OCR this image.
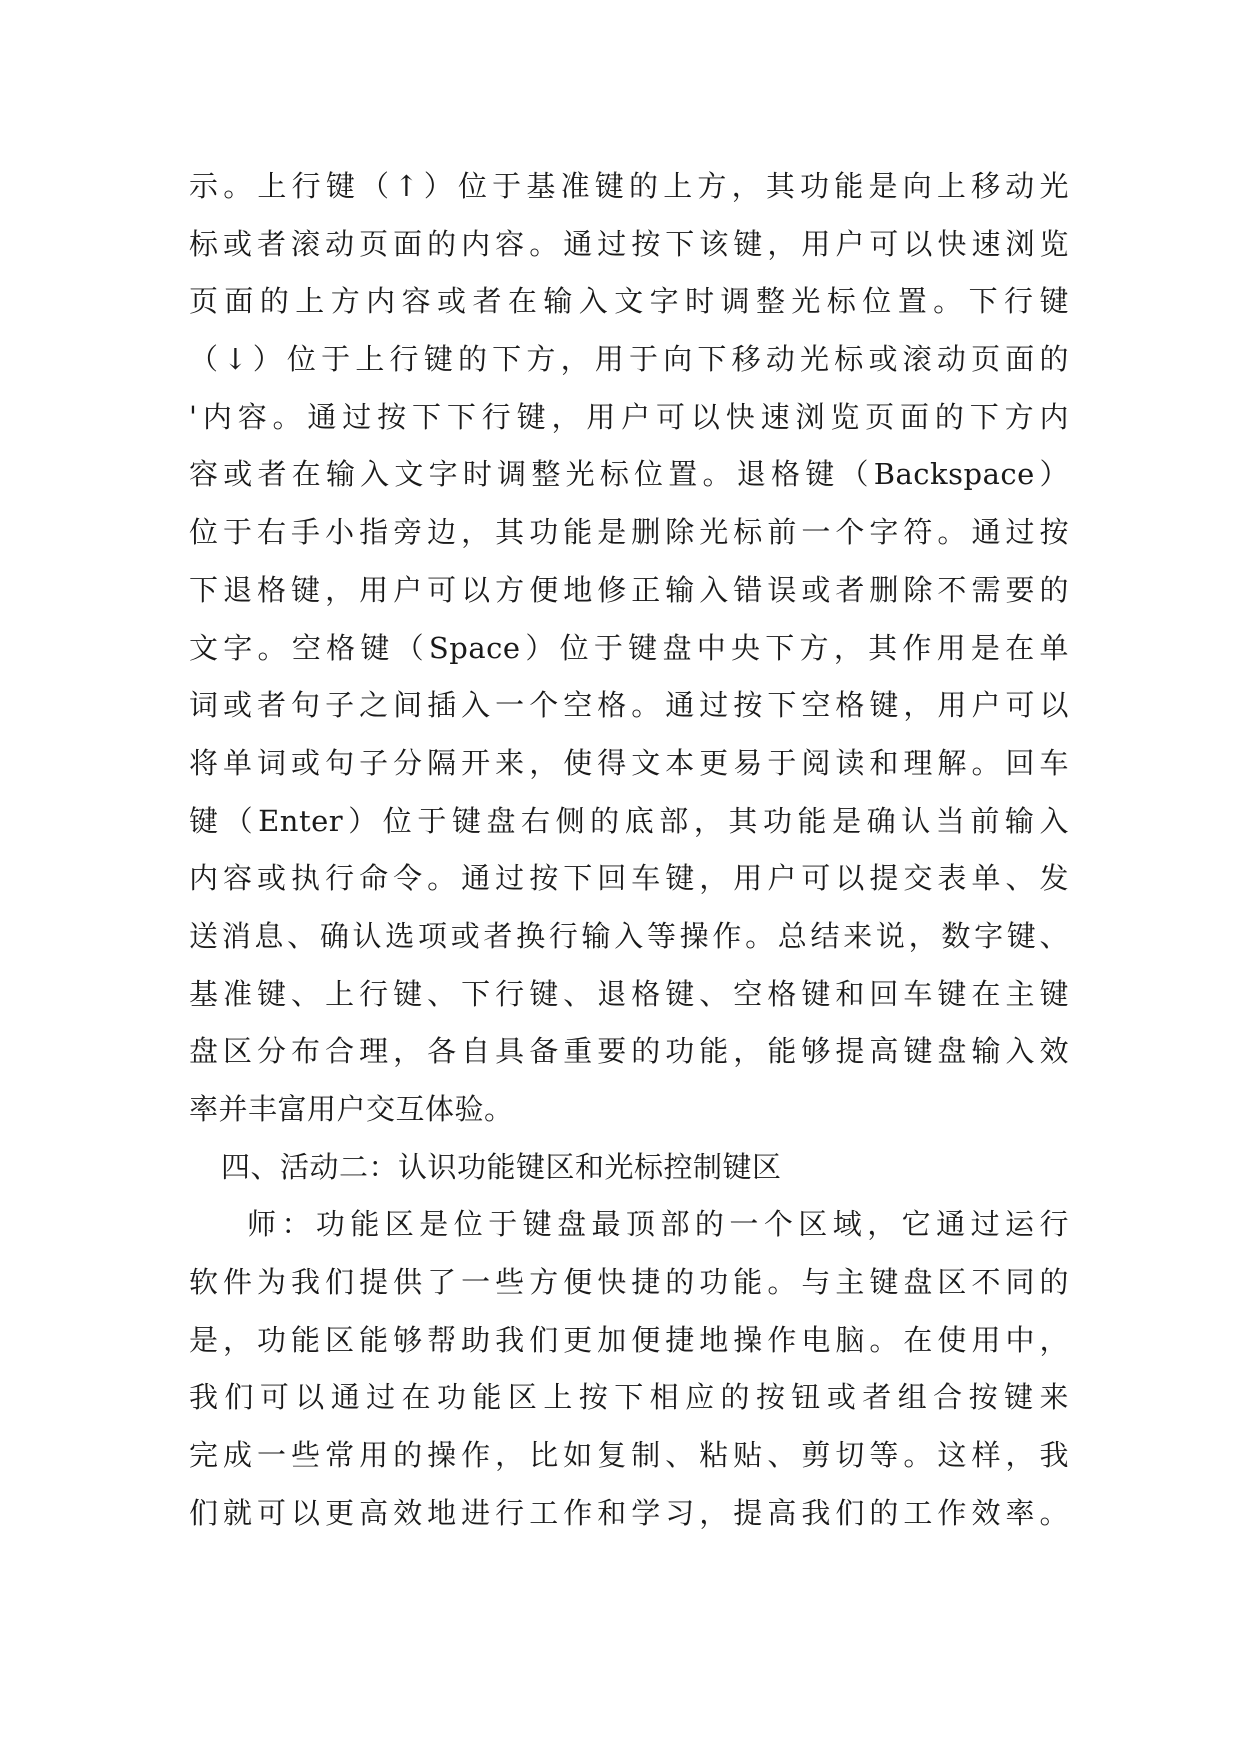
示。上行键（↑）位于基准键的上方，其功能是向上移动光
标或者滚动页面的内容。通过按下该键，用户可以快速浏览
页面的上方内容或者在输入文字时调整光标位置。下行键
（↓）位于上行键的下方，用于向下移动光标或滚动页面的
'内容。通过按下下行键，用户可以快速浏览页面的下方内
容或者在输入文字时调整光标位置。退格键（Backspace）
位于右手小指旁边，其功能是删除光标前一个字符。通过按
下退格键，用户可以方便地修正输入错误或者删除不需要的
文字。空格键（Space）位于键盘中央下方，其作用是在单
词或者句子之间插入一个空格。通过按下空格键，用户可以
将单词或句子分隔开来，使得文本更易于阅读和理解。回车
键（Enter）位于键盘右侧的底部，其功能是确认当前输入
内容或执行命令。通过按下回车键，用户可以提交表单、发
送消息、确认选项或者换行输入等操作。总结来说，数字键、
基准键、上行键、下行键、退格键、空格键和回车键在主键
盘区分布合理，各自具备重要的功能，能够提高键盘输入效
率并丰富用户交互体验。
四、活动二：认识功能键区和光标控制键区
师：功能区是位于键盘最顶部的一个区域，它通过运行
软件为我们提供了一些方便快捷的功能。与主键盘区不同的
是，功能区能够帮助我们更加便捷地操作电脑。在使用中，
我们可以通过在功能区上按下相应的按钮或者组合按键来
完成一些常用的操作，比如复制、粘贴、剪切等。这样，我
们就可以更高效地进行工作和学习，提高我们的工作效率。
